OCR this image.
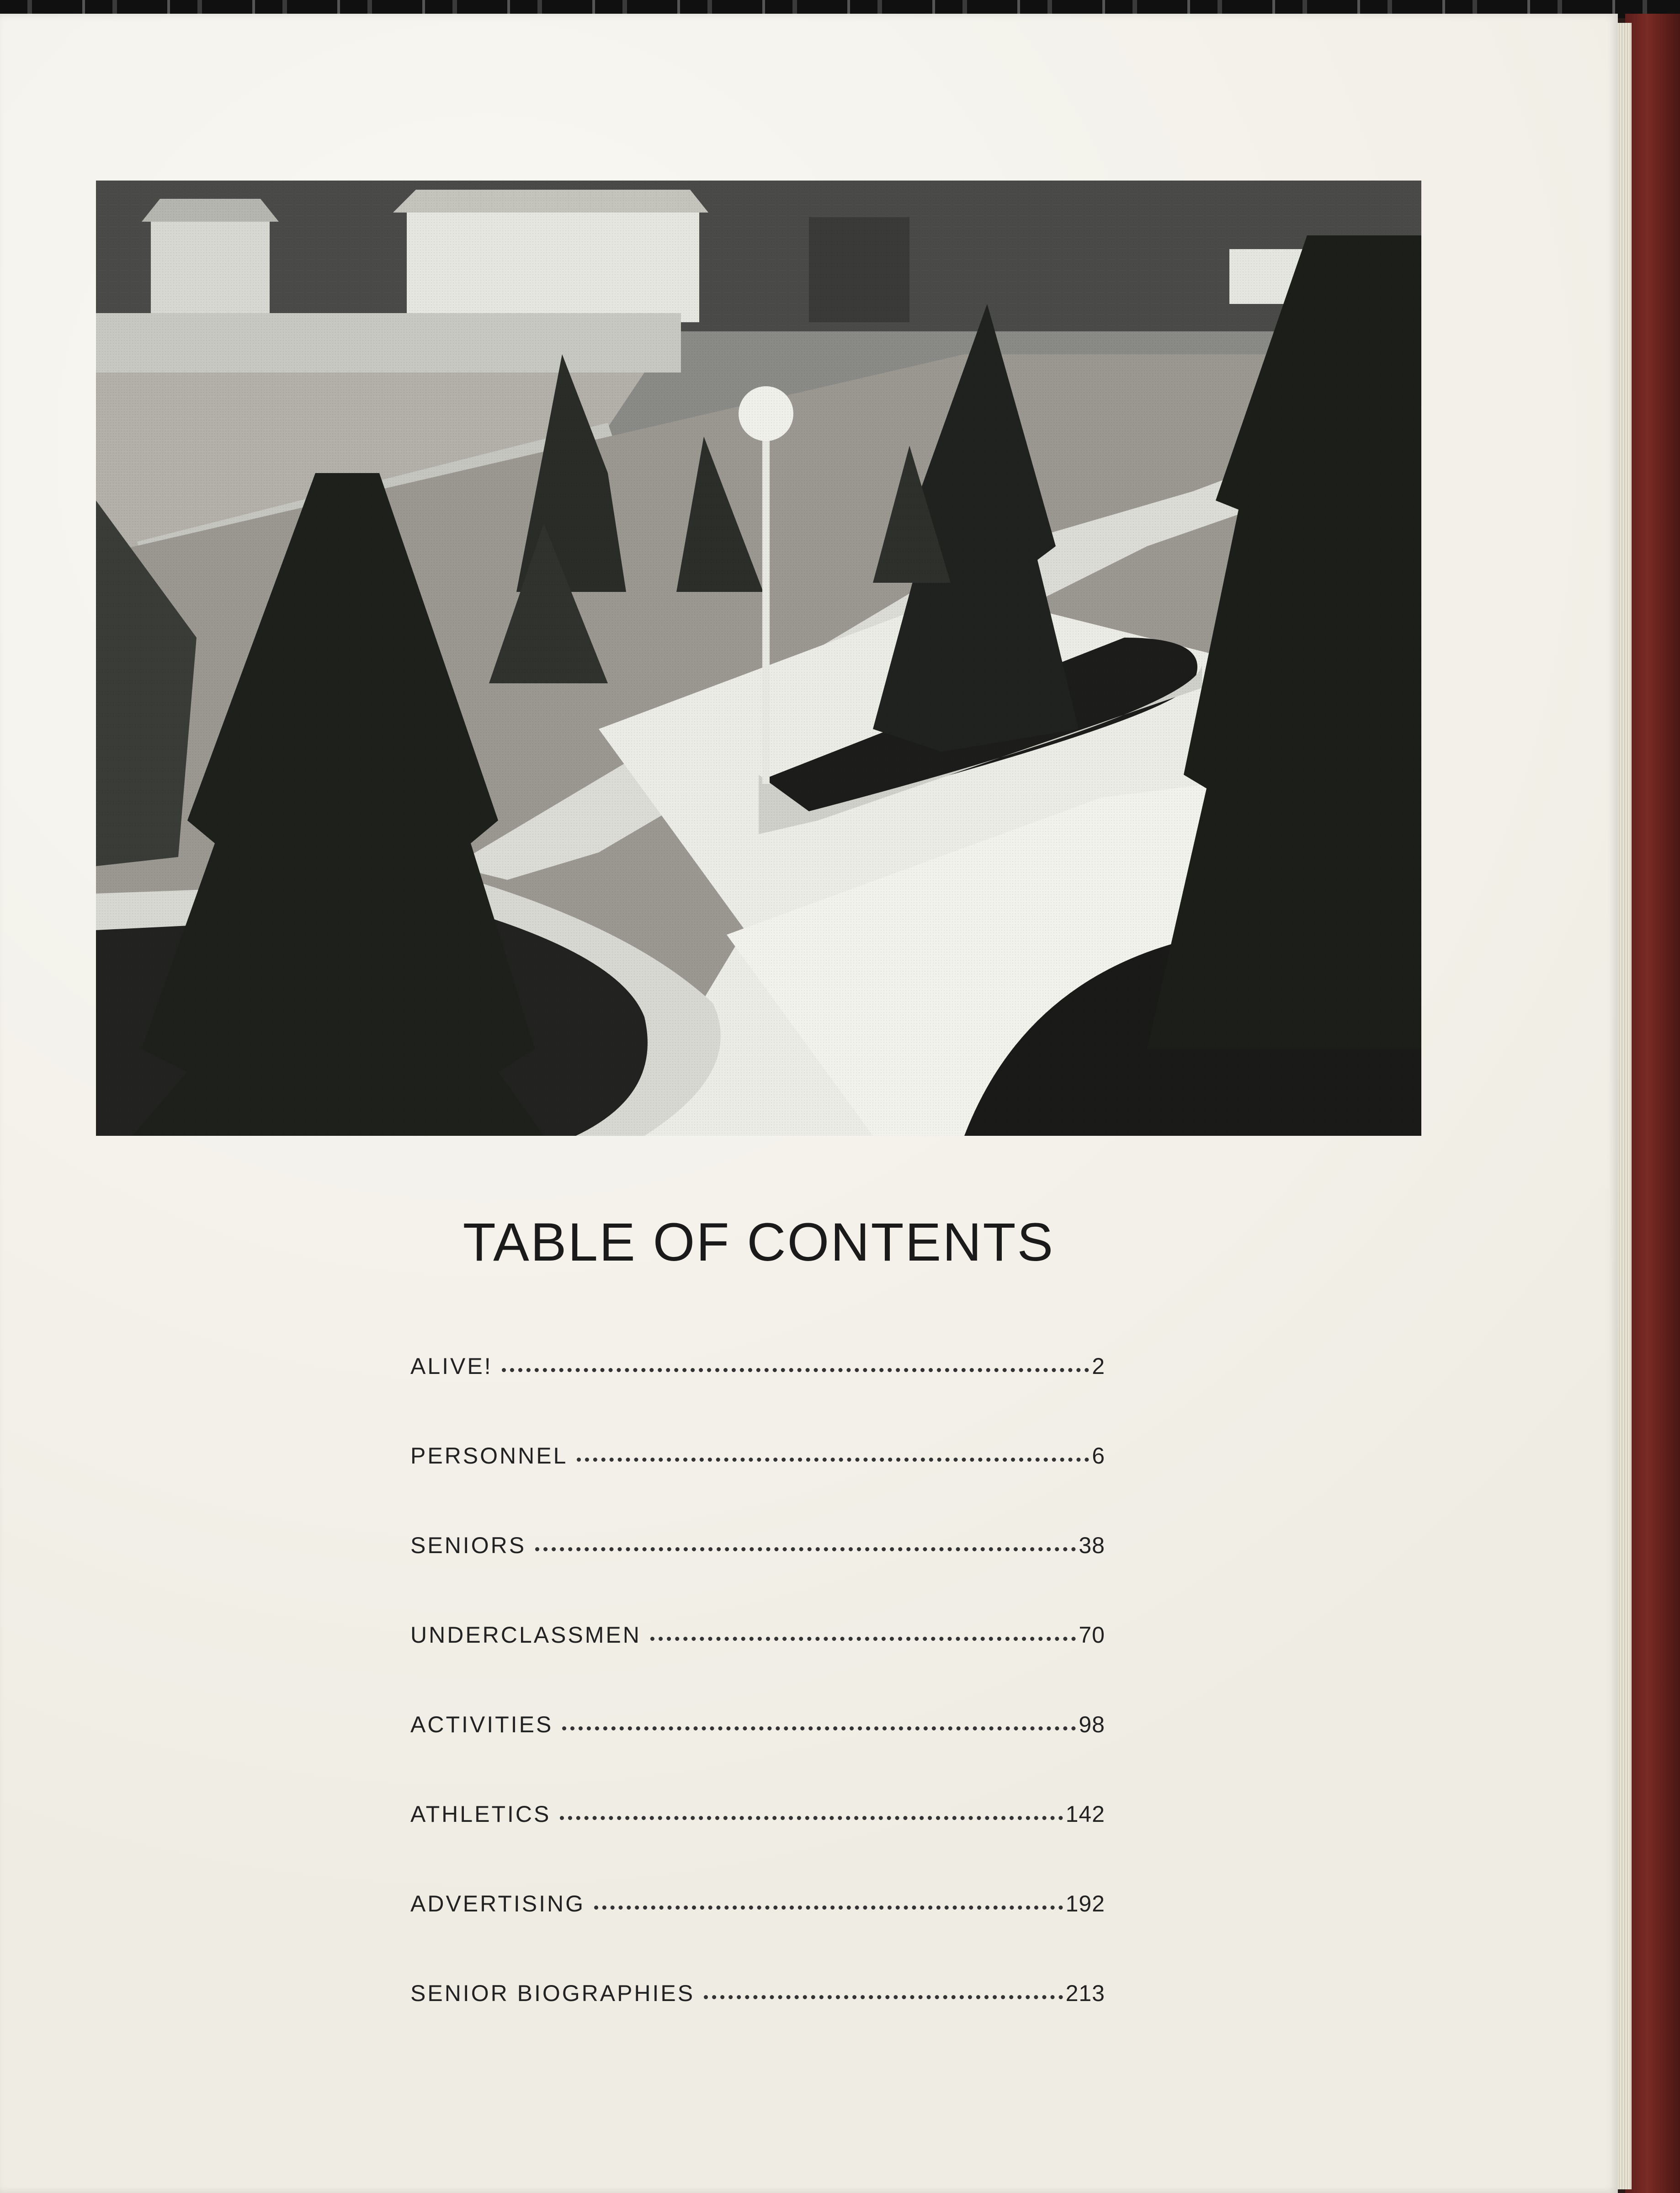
TABLE OF CONTENTS
ALIVE!	2
PERSONNEL	6
SENIORS	38
UNDERCLASSMEN	70
ACTIVITIES	98
ATHLETICS	142
ADVERTISING	192
SENIOR BIOGRAPHIES	213
